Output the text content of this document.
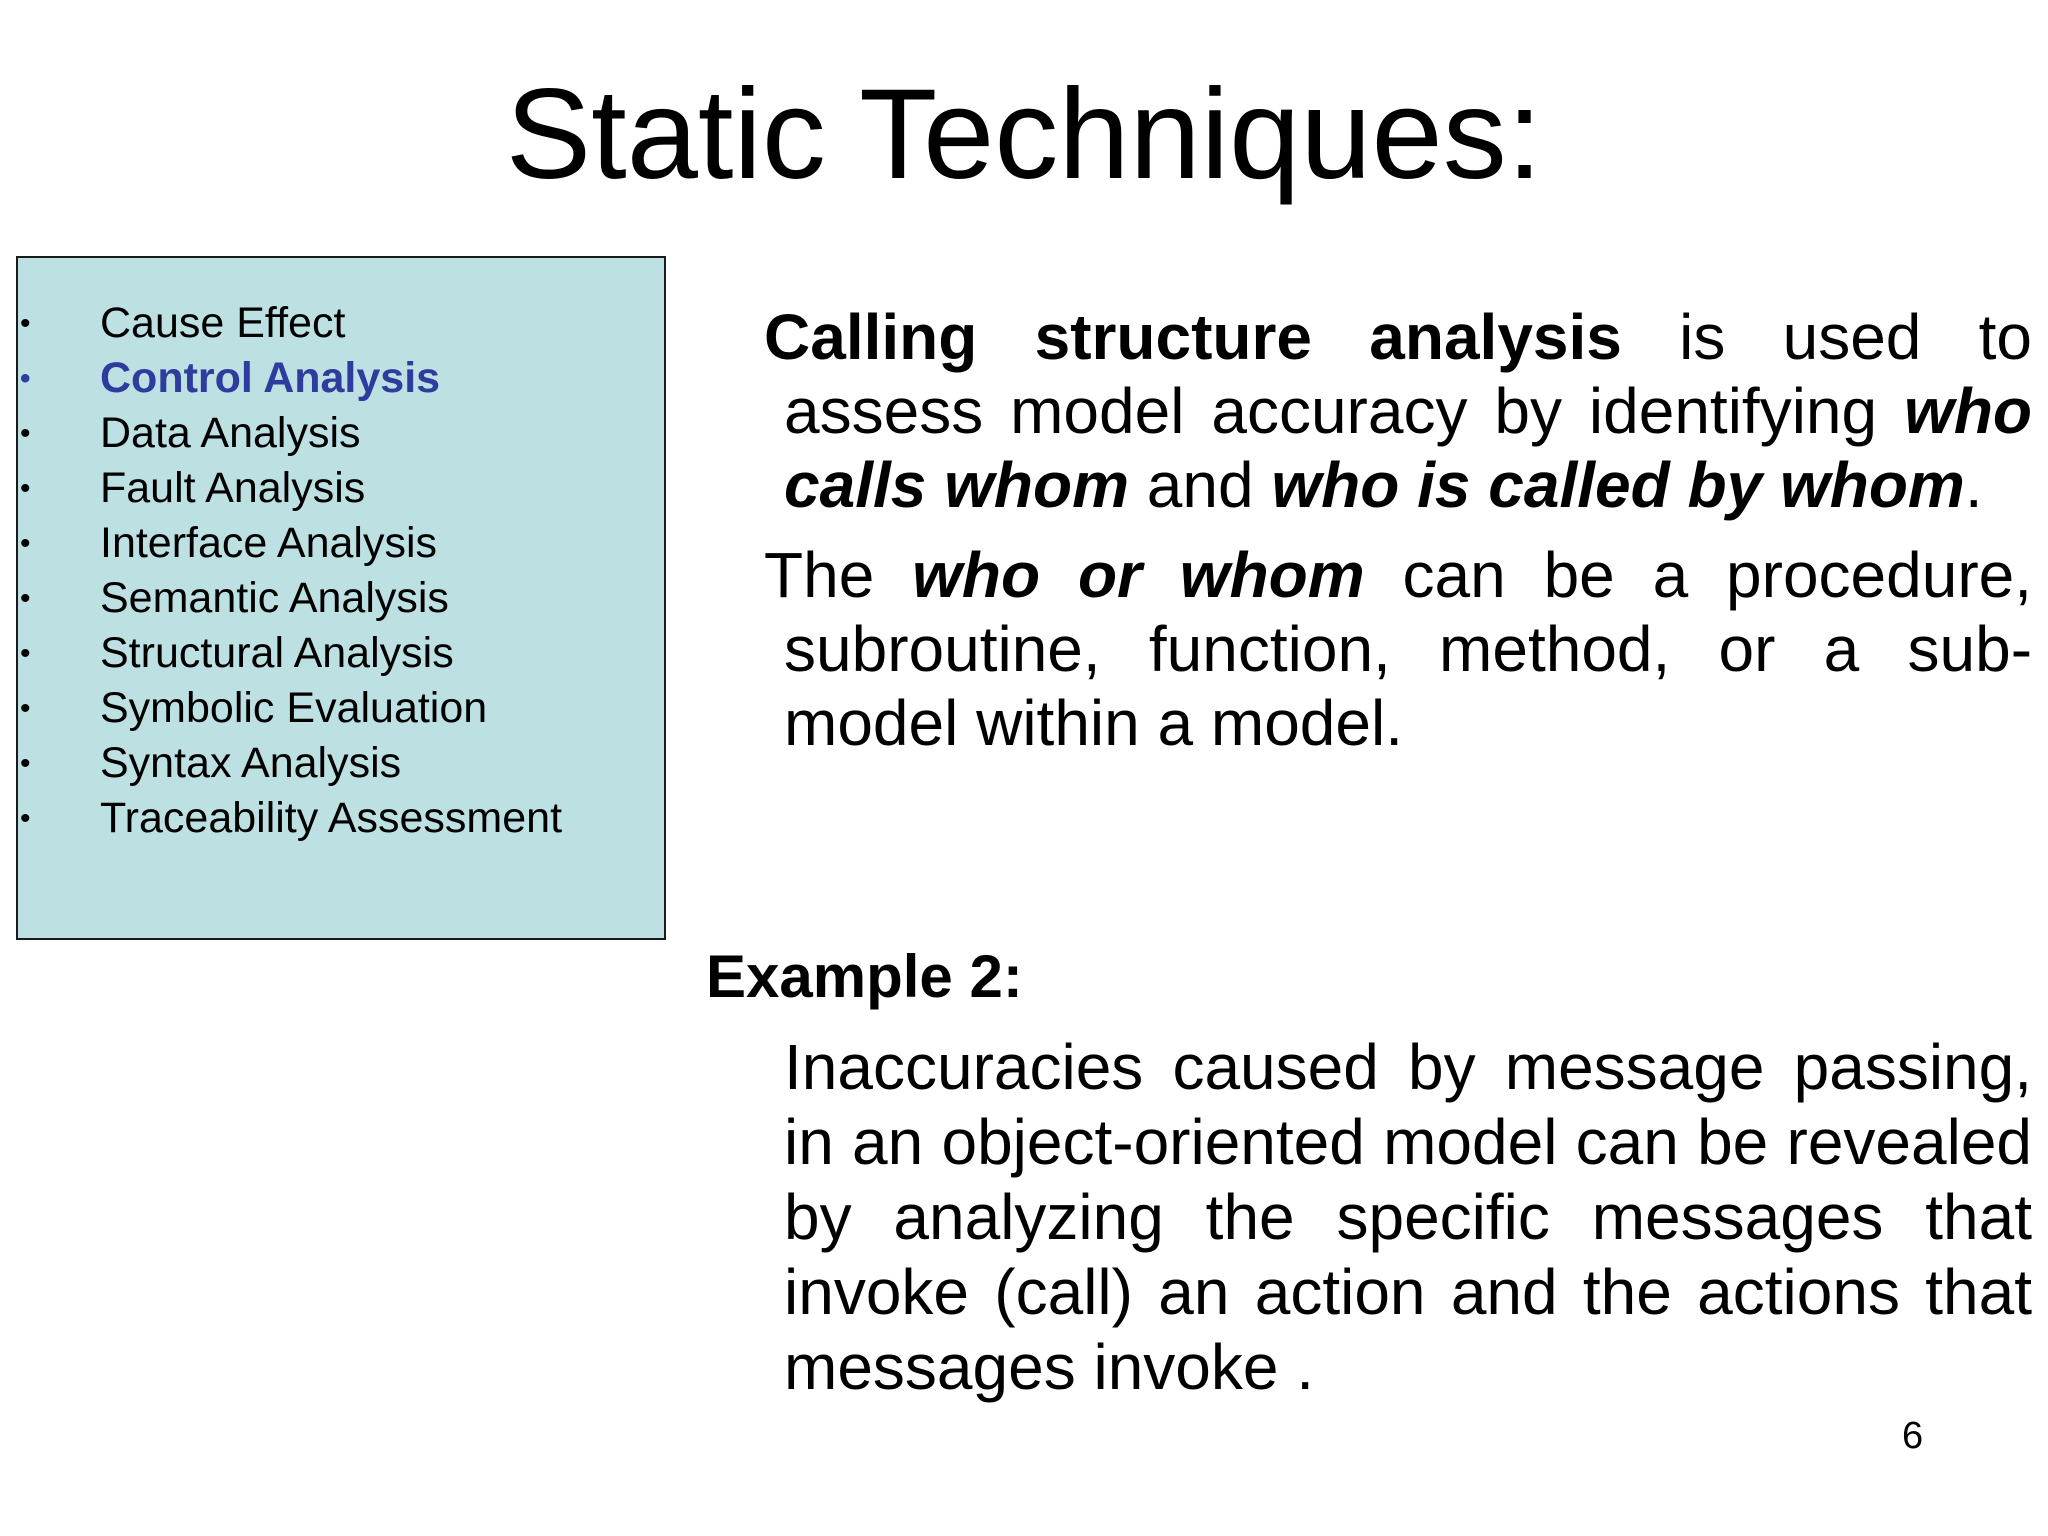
Static Techniques:
•	Cause Effect
•	Control Analysis
•	Data Analysis
•	Fault Analysis
•	Interface Analysis
•	Semantic Analysis
•	Structural Analysis
•	Symbolic Evaluation
•	Syntax Analysis
•	Traceability Assessment

Calling structure analysis is used to assess model accuracy by identifying who calls whom and who is called by whom.

The who or whom can be a procedure, subroutine, function, method, or a sub-model within a model.

Example 2:

Inaccuracies caused by message passing, in an object-oriented model can be revealed by analyzing the specific messages that invoke (call) an action and the actions that messages invoke .

6
